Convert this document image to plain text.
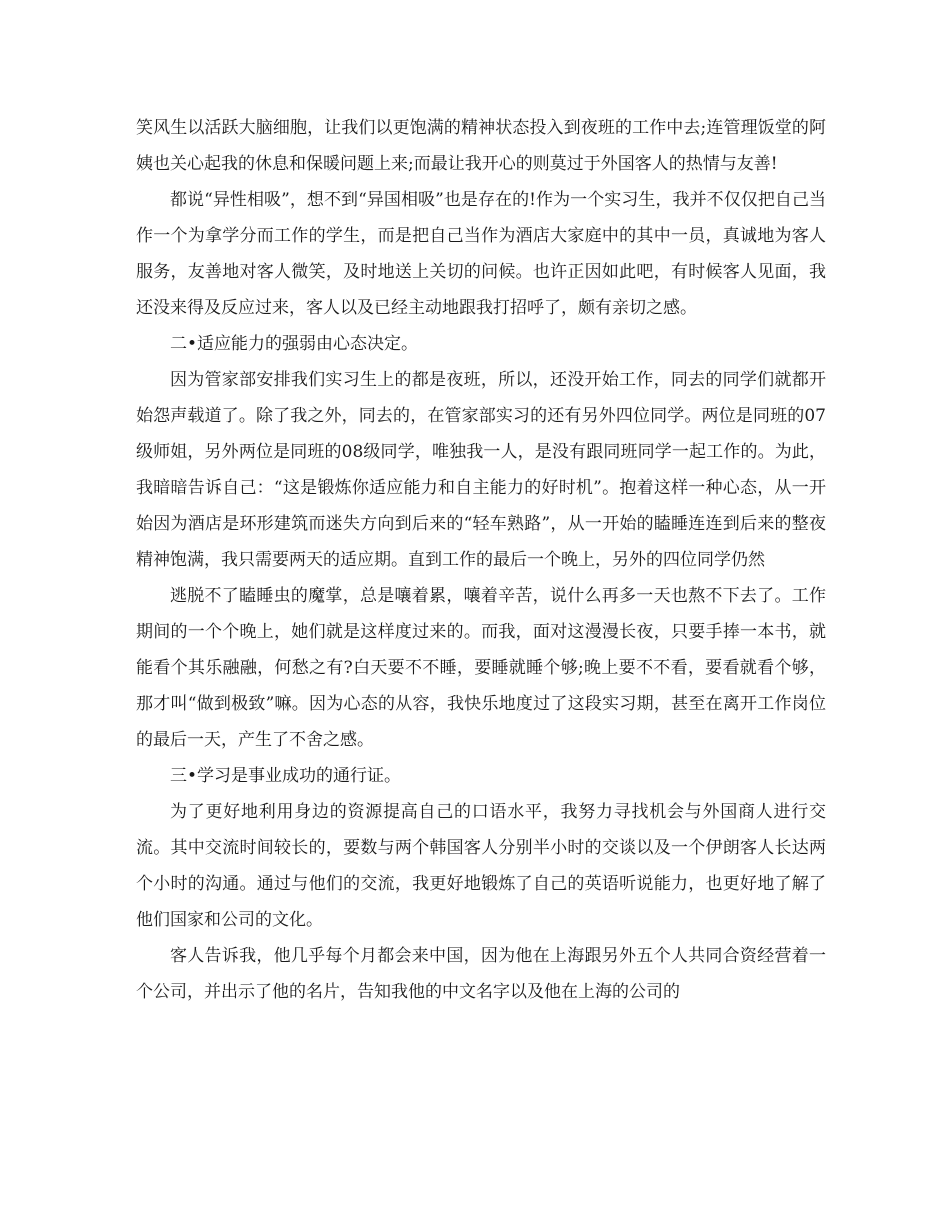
笑风生以活跃大脑细胞，让我们以更饱满的精神状态投入到夜班的工作中去;连管理饭堂的阿姨也关心起我的休息和保暖问题上来;而最让我开心的则莫过于外国客人的热情与友善!

都说“异性相吸”，想不到“异国相吸”也是存在的!作为一个实习生，我并不仅仅把自己当作一个为拿学分而工作的学生，而是把自己当作为酒店大家庭中的其中一员，真诚地为客人服务，友善地对客人微笑，及时地送上关切的问候。也许正因如此吧，有时候客人见面，我还没来得及反应过来，客人以及已经主动地跟我打招呼了，颇有亲切之感。

二•适应能力的强弱由心态决定。

因为管家部安排我们实习生上的都是夜班，所以，还没开始工作，同去的同学们就都开始怨声载道了。除了我之外，同去的，在管家部实习的还有另外四位同学。两位是同班的07级师姐，另外两位是同班的08级同学，唯独我一人，是没有跟同班同学一起工作的。为此，我暗暗告诉自己：“这是锻炼你适应能力和自主能力的好时机”。抱着这样一种心态，从一开始因为酒店是环形建筑而迷失方向到后来的“轻车熟路”，从一开始的瞌睡连连到后来的整夜精神饱满，我只需要两天的适应期。直到工作的最后一个晚上，另外的四位同学仍然

逃脱不了瞌睡虫的魔掌，总是嚷着累，嚷着辛苦，说什么再多一天也熬不下去了。工作期间的一个个晚上，她们就是这样度过来的。而我，面对这漫漫长夜，只要手捧一本书，就能看个其乐融融，何愁之有?白天要不不睡，要睡就睡个够;晚上要不不看，要看就看个够，那才叫“做到极致”嘛。因为心态的从容，我快乐地度过了这段实习期，甚至在离开工作岗位的最后一天，产生了不舍之感。

三•学习是事业成功的通行证。

为了更好地利用身边的资源提高自己的口语水平，我努力寻找机会与外国商人进行交流。其中交流时间较长的，要数与两个韩国客人分别半小时的交谈以及一个伊朗客人长达两个小时的沟通。通过与他们的交流，我更好地锻炼了自己的英语听说能力，也更好地了解了他们国家和公司的文化。

客人告诉我，他几乎每个月都会来中国，因为他在上海跟另外五个人共同合资经营着一个公司，并出示了他的名片，告知我他的中文名字以及他在上海的公司的
